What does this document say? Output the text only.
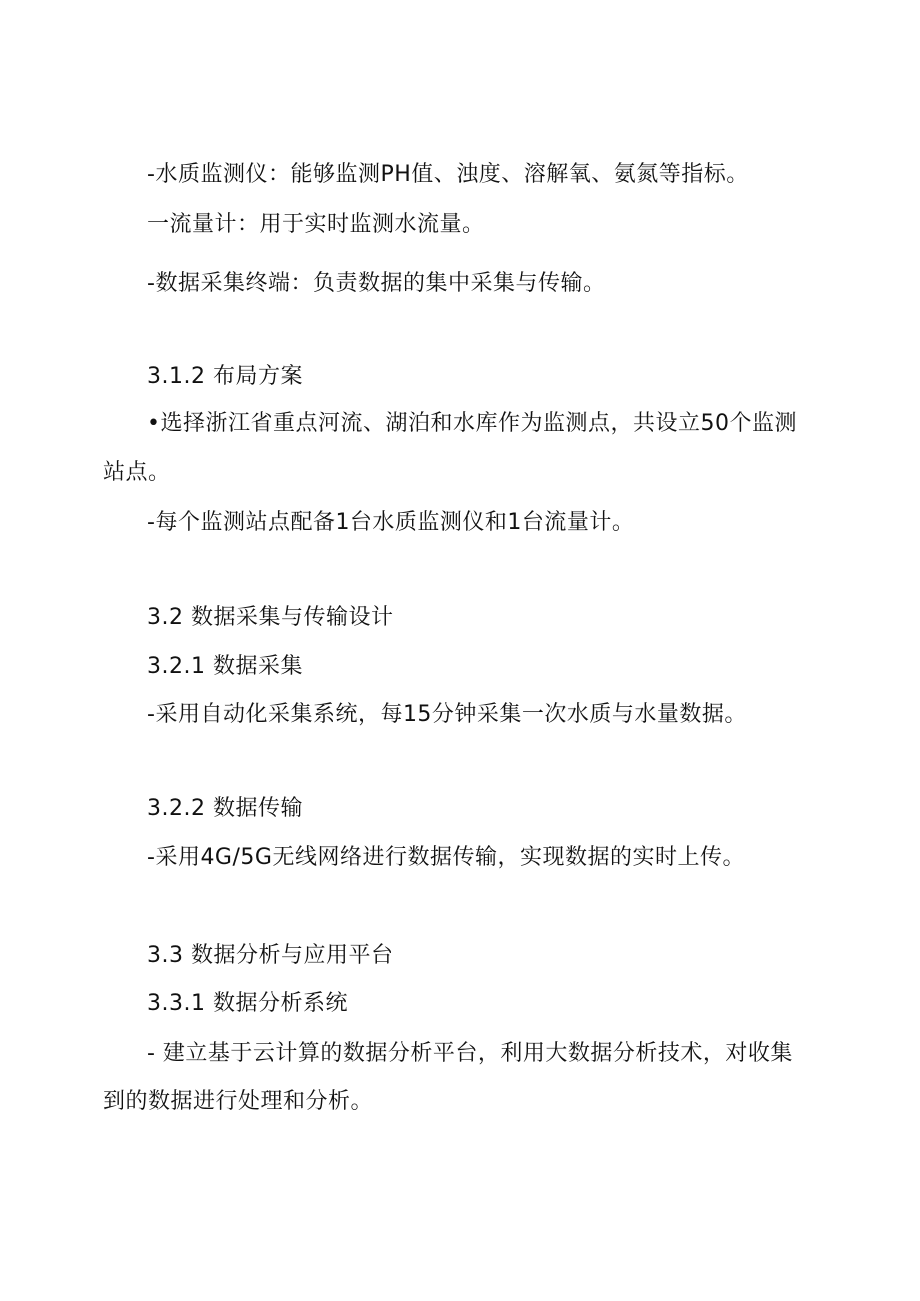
-水质监测仪：能够监测PH值、浊度、溶解氧、氨氮等指标。
一流量计：用于实时监测水流量。
-数据采集终端：负责数据的集中采集与传输。
3.1.2 布局方案
•选择浙江省重点河流、湖泊和水库作为监测点，共设立50个监测
站点。
-每个监测站点配备1台水质监测仪和1台流量计。
3.2 数据采集与传输设计
3.2.1 数据采集
-采用自动化采集系统，每15分钟采集一次水质与水量数据。
3.2.2 数据传输
-采用4G/5G无线网络进行数据传输，实现数据的实时上传。
3.3 数据分析与应用平台
3.3.1 数据分析系统
- 建立基于云计算的数据分析平台，利用大数据分析技术，对收集
到的数据进行处理和分析。
